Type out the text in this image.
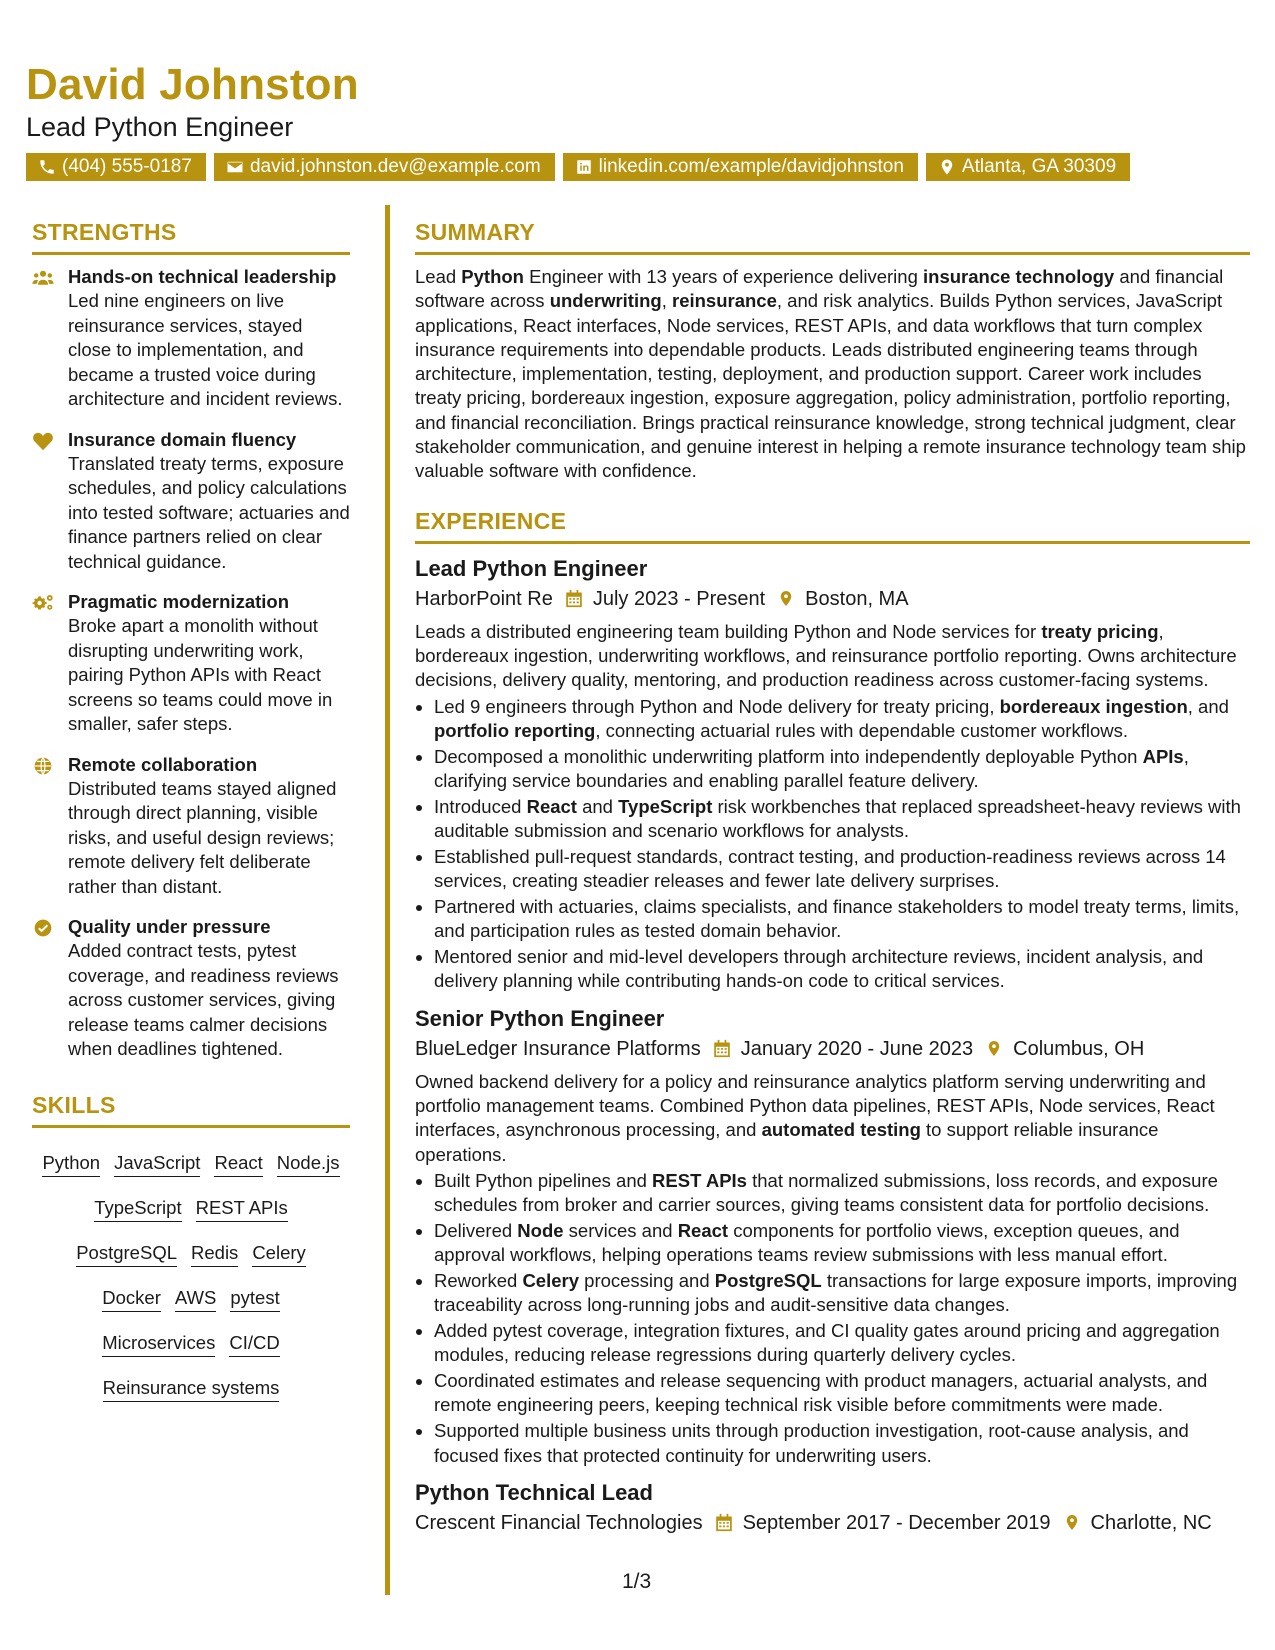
David Johnston
Lead Python Engineer
(404) 555-0187	david.johnston.dev@example.com	linkedin.com/example/davidjohnston	Atlanta, GA 30309
STRENGTHS
Hands-on technical leadership
Led nine engineers on live reinsurance services, stayed close to implementation, and became a trusted voice during architecture and incident reviews.
Insurance domain fluency
Translated treaty terms, exposure schedules, and policy calculations into tested software; actuaries and finance partners relied on clear technical guidance.
Pragmatic modernization
Broke apart a monolith without disrupting underwriting work, pairing Python APIs with React screens so teams could move in smaller, safer steps.
Remote collaboration
Distributed teams stayed aligned through direct planning, visible risks, and useful design reviews; remote delivery felt deliberate rather than distant.
Quality under pressure
Added contract tests, pytest coverage, and readiness reviews across customer services, giving release teams calmer decisions when deadlines tightened.
SKILLS
Python JavaScript React Node.js
TypeScript REST APIs
PostgreSQL Redis Celery
Docker AWS pytest
Microservices CI/CD
Reinsurance systems
SUMMARY
Lead Python Engineer with 13 years of experience delivering insurance technology and financial software across underwriting, reinsurance, and risk analytics. Builds Python services, JavaScript applications, React interfaces, Node services, REST APIs, and data workflows that turn complex insurance requirements into dependable products. Leads distributed engineering teams through architecture, implementation, testing, deployment, and production support. Career work includes treaty pricing, bordereaux ingestion, exposure aggregation, policy administration, portfolio reporting, and financial reconciliation. Brings practical reinsurance knowledge, strong technical judgment, clear stakeholder communication, and genuine interest in helping a remote insurance technology team ship valuable software with confidence.
EXPERIENCE
Lead Python Engineer
HarborPoint Re July 2023 - Present Boston, MA
Leads a distributed engineering team building Python and Node services for treaty pricing, bordereaux ingestion, underwriting workflows, and reinsurance portfolio reporting. Owns architecture decisions, delivery quality, mentoring, and production readiness across customer-facing systems.
• Led 9 engineers through Python and Node delivery for treaty pricing, bordereaux ingestion, and portfolio reporting, connecting actuarial rules with dependable customer workflows.
• Decomposed a monolithic underwriting platform into independently deployable Python APIs, clarifying service boundaries and enabling parallel feature delivery.
• Introduced React and TypeScript risk workbenches that replaced spreadsheet-heavy reviews with auditable submission and scenario workflows for analysts.
• Established pull-request standards, contract testing, and production-readiness reviews across 14 services, creating steadier releases and fewer late delivery surprises.
• Partnered with actuaries, claims specialists, and finance stakeholders to model treaty terms, limits, and participation rules as tested domain behavior.
• Mentored senior and mid-level developers through architecture reviews, incident analysis, and delivery planning while contributing hands-on code to critical services.
Senior Python Engineer
BlueLedger Insurance Platforms January 2020 - June 2023 Columbus, OH
Owned backend delivery for a policy and reinsurance analytics platform serving underwriting and portfolio management teams. Combined Python data pipelines, REST APIs, Node services, React interfaces, asynchronous processing, and automated testing to support reliable insurance operations.
• Built Python pipelines and REST APIs that normalized submissions, loss records, and exposure schedules from broker and carrier sources, giving teams consistent data for portfolio decisions.
• Delivered Node services and React components for portfolio views, exception queues, and approval workflows, helping operations teams review submissions with less manual effort.
• Reworked Celery processing and PostgreSQL transactions for large exposure imports, improving traceability across long-running jobs and audit-sensitive data changes.
• Added pytest coverage, integration fixtures, and CI quality gates around pricing and aggregation modules, reducing release regressions during quarterly delivery cycles.
• Coordinated estimates and release sequencing with product managers, actuarial analysts, and remote engineering peers, keeping technical risk visible before commitments were made.
• Supported multiple business units through production investigation, root-cause analysis, and focused fixes that protected continuity for underwriting users.
Python Technical Lead
Crescent Financial Technologies September 2017 - December 2019 Charlotte, NC
1/3
